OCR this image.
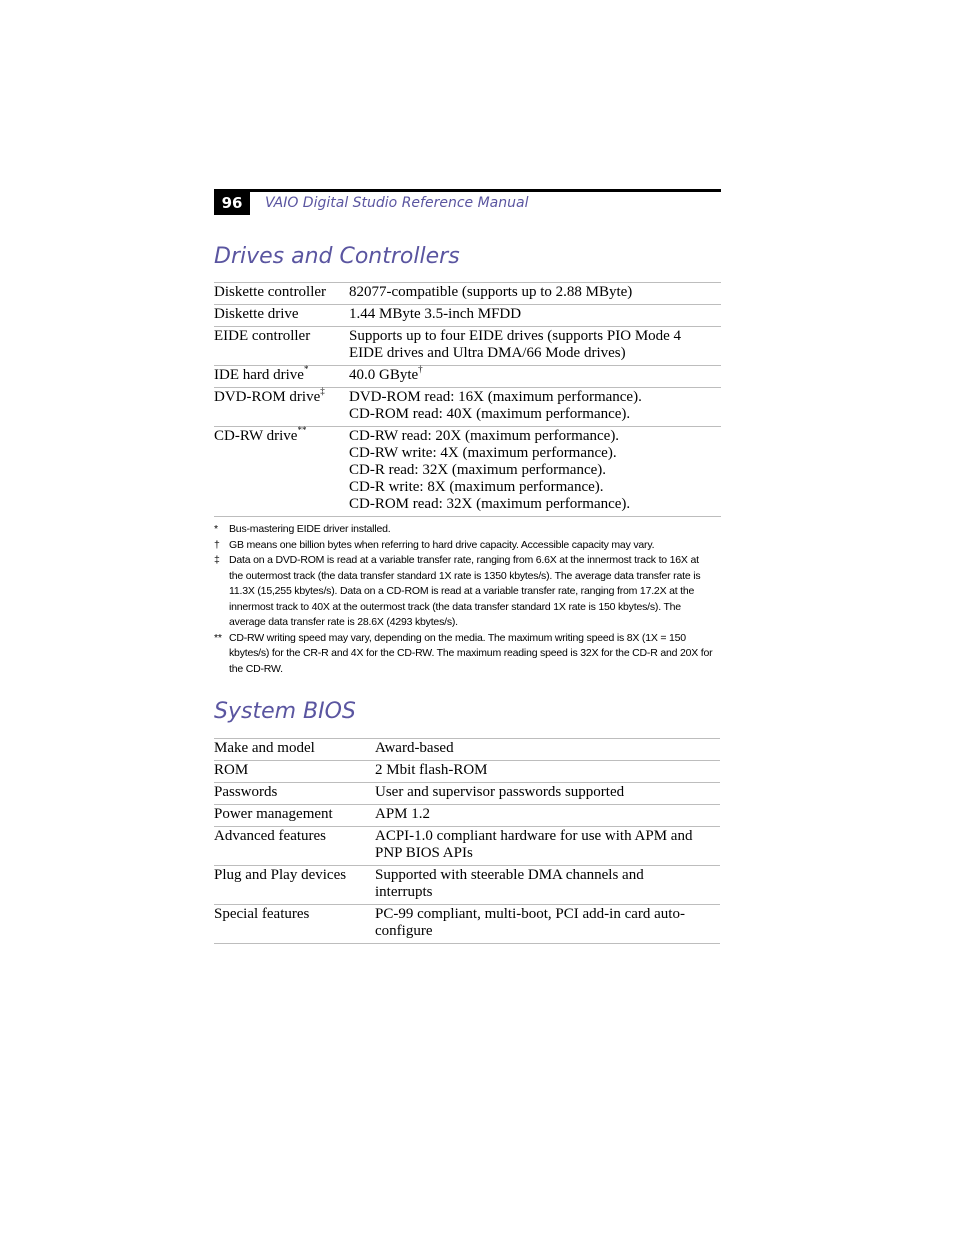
96	VAIO Digital Studio Reference Manual
Drives and Controllers
Diskette controller	82077-compatible (supports up to 2.88 MByte)

Diskette drive	1.44 MByte 3.5-inch MFDD

EIDE controller	Supports up to four EIDE drives (supports PIO Mode 4
EIDE drives and Ultra DMA/66 Mode drives)

IDE hard drive*	40.0 GByte†

DVD-ROM drive‡	DVD-ROM read: 16X (maximum performance).
CD-ROM read: 40X (maximum performance).

CD-RW drive**	CD-RW read: 20X (maximum performance).
CD-RW write: 4X (maximum performance).
CD-R read: 32X (maximum performance).
CD-R write: 8X (maximum performance).
CD-ROM read: 32X (maximum performance).
* Bus-mastering EIDE driver installed.
† GB means one billion bytes when referring to hard drive capacity. Accessible capacity may vary.
‡ Data on a DVD-ROM is read at a variable transfer rate, ranging from 6.6X at the innermost track to 16X at
the outermost track (the data transfer standard 1X rate is 1350 kbytes/s). The average data transfer rate is
11.3X (15,255 kbytes/s). Data on a CD-ROM is read at a variable transfer rate, ranging from 17.2X at the
innermost track to 40X at the outermost track (the data transfer standard 1X rate is 150 kbytes/s). The
average data transfer rate is 28.6X (4293 kbytes/s).
** CD-RW writing speed may vary, depending on the media. The maximum writing speed is 8X (1X = 150
kbytes/s) for the CR-R and 4X for the CD-RW. The maximum reading speed is 32X for the CD-R and 20X for
the CD-RW.
System BIOS
Make and model	Award-based

ROM	2 Mbit flash-ROM

Passwords	User and supervisor passwords supported

Power management	APM 1.2

Advanced features	ACPI-1.0 compliant hardware for use with APM and
PNP BIOS APIs

Plug and Play devices	Supported with steerable DMA channels and
interrupts

Special features	PC-99 compliant, multi-boot, PCI add-in card auto-
configure
